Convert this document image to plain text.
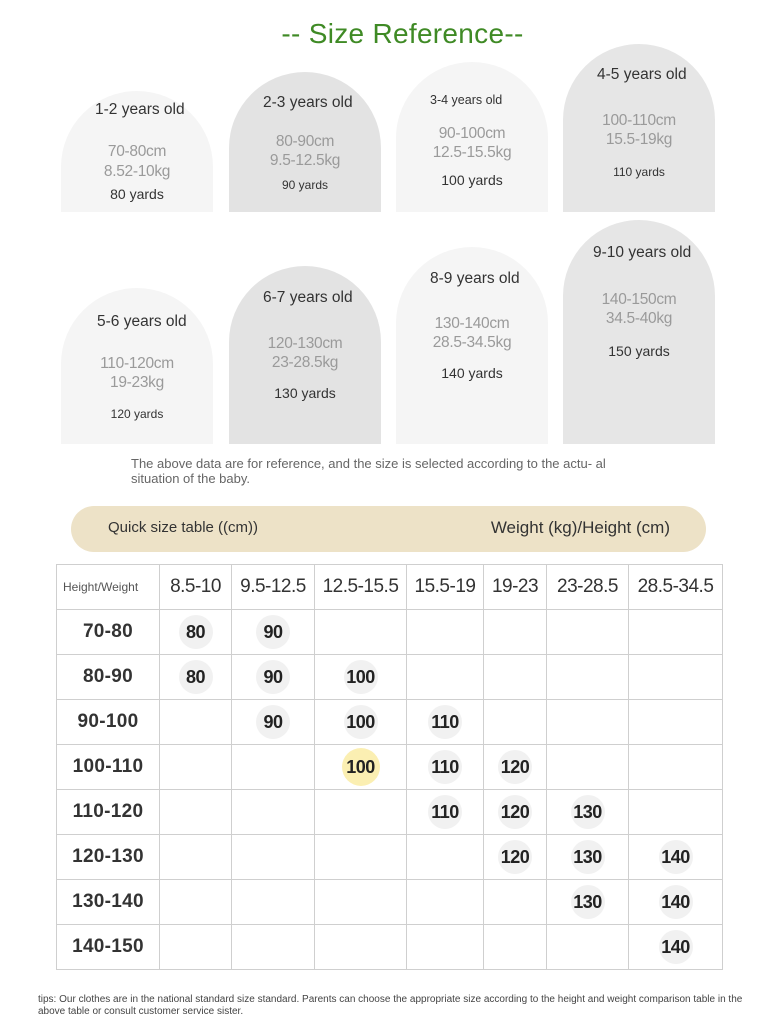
-- Size Reference--
1-2 years old
70-80cm
8.52-10kg
80 yards
2-3 years old
80-90cm
9.5-12.5kg
90 yards
3-4 years old
90-100cm
12.5-15.5kg
100 yards
4-5 years old
100-110cm
15.5-19kg
110 yards
5-6 years old
110-120cm
19-23kg
120 yards
6-7 years old
120-130cm
23-28.5kg
130 yards
8-9 years old
130-140cm
28.5-34.5kg
140 yards
9-10 years old
140-150cm
34.5-40kg
150 yards
The above data are for reference, and the size is selected according to the actu- al situation of the baby.
Quick size table ((cm))	Weight (kg)/Height (cm)
Height/Weight	8.5-10	9.5-12.5	12.5-15.5	15.5-19	19-23	23-28.5	28.5-34.5
70-80	80	90					
80-90	80	90	100				
90-100		90	100	110			
100-110			100	110	120		
110-120				110	120	130	
120-130					120	130	140
130-140						130	140
140-150							140
tips: Our clothes are in the national standard size standard. Parents can choose the appropriate size according to the height and weight comparison table in the above table or consult customer service sister.
